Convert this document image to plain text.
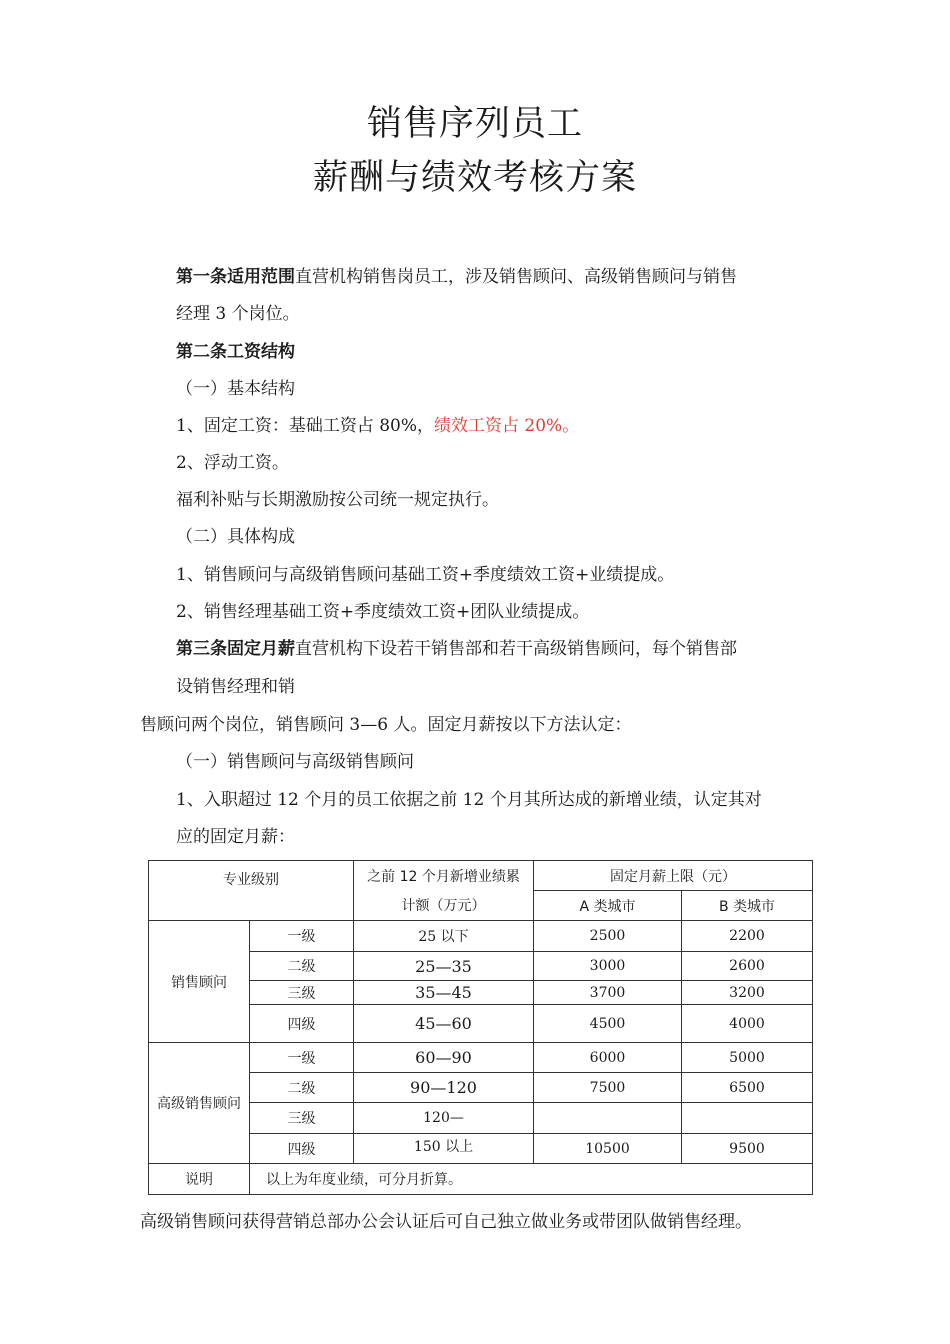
销售序列员工
薪酬与绩效考核方案
第一条适用范围直营机构销售岗员工，涉及销售顾问、高级销售顾问与销售
经理 3 个岗位。
第二条工资结构
（一）基本结构
1、固定工资：基础工资占 80%，绩效工资占 20%。
2、浮动工资。
福利补贴与长期激励按公司统一规定执行。
（二）具体构成
1、销售顾问与高级销售顾问基础工资+季度绩效工资+业绩提成。
2、销售经理基础工资+季度绩效工资+团队业绩提成。
第三条固定月薪直营机构下设若干销售部和若干高级销售顾问，每个销售部
设销售经理和销
售顾问两个岗位，销售顾问 3—6 人。固定月薪按以下方法认定：
（一）销售顾问与高级销售顾问
1、入职超过 12 个月的员工依据之前 12 个月其所达成的新增业绩，认定其对
应的固定月薪：
专业级别		之前 12 个月新增业绩累
计额（万元）	固定月薪上限（元）	
			A 类城市	B 类城市
销售顾问	一级	25 以下	2500	2200
	二级	25—35	3000	2600
	三级	35—45	3700	3200
	四级	45—60	4500	4000
高级销售顾问	一级	60—90	6000	5000
	二级	90—120	7500	6500
	三级	120—		
	四级	150 以上	10500	9500
说明	以上为年度业绩，可分月折算。			
高级销售顾问获得营销总部办公会认证后可自己独立做业务或带团队做销售经理。
